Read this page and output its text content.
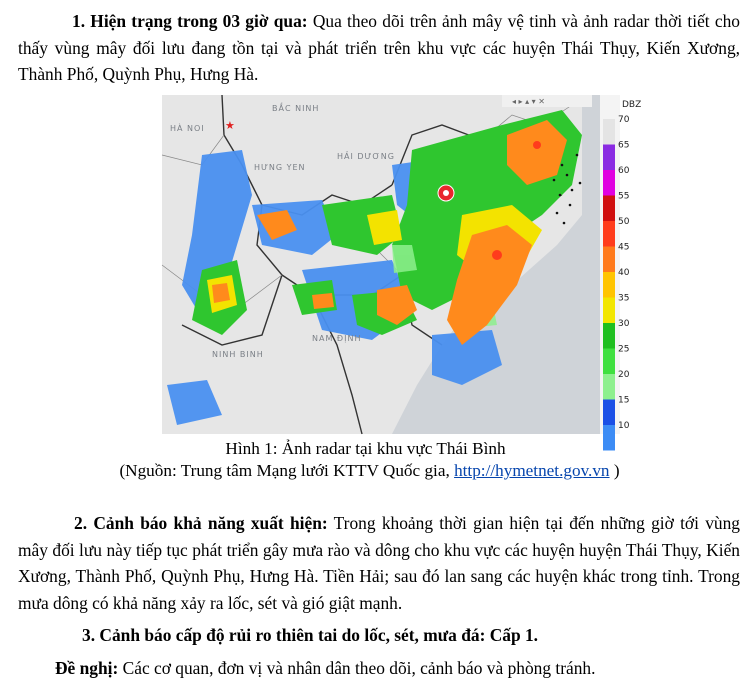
1. Hiện trạng trong 03 giờ qua: Qua theo dõi trên ảnh mây vệ tinh và ảnh radar thời tiết cho thấy vùng mây đối lưu đang tồn tại và phát triển trên khu vực các huyện Thái Thụy, Kiến Xương, Thành Phố, Quỳnh Phụ, Hưng Hà.

★
HÀ NOI
BẮC NINH
HƯNG YEN
HẢI DƯƠNG
NAM ĐỊNH
NINH BINH
70
65
60
55
50
45
40
35
30
25
20
15
10
DBZ
◂ ▸ ▴ ▾ ✕
Hình 1: Ảnh radar tại khu vực Thái Bình
(Nguồn: Trung tâm Mạng lưới KTTV Quốc gia, http://hymetnet.gov.vn )

2. Cảnh báo khả năng xuất hiện: Trong khoảng thời gian hiện tại đến những giờ tới vùng mây đối lưu này tiếp tục phát triển gây mưa rào và dông cho khu vực các huyện huyện Thái Thụy, Kiến Xương, Thành Phố, Quỳnh Phụ, Hưng Hà. Tiền Hải; sau đó lan sang các huyện khác trong tỉnh. Trong mưa dông có khả năng xảy ra lốc, sét và gió giật mạnh.

3. Cảnh báo cấp độ rủi ro thiên tai do lốc, sét, mưa đá: Cấp 1.

Đề nghị: Các cơ quan, đơn vị và nhân dân theo dõi, cảnh báo và phòng tránh.
